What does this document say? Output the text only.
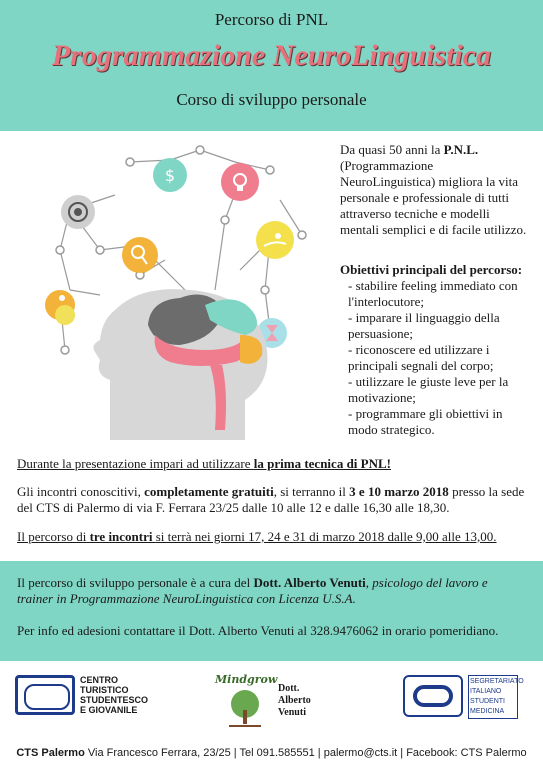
Percorso di PNL
Programmazione NeuroLinguistica
Corso di sviluppo personale
$
Da quasi 50 anni la P.N.L. (Programmazione NeuroLinguistica) migliora la vita personale e professionale di tutti attraverso tecniche e modelli mentali semplici e di facile utilizzo.
Obiettivi principali del percorso:
- stabilire feeling immediato con l'interlocutore;
- imparare il linguaggio della persuasione;
- riconoscere ed utilizzare i principali segnali del corpo;
- utilizzare le giuste leve per la motivazione;
- programmare gli obiettivi in modo strategico.
Durante la presentazione impari ad utilizzare la prima tecnica di PNL!
Gli incontri conoscitivi, completamente gratuiti, si terranno il 3 e 10 marzo 2018 presso la sede del CTS di Palermo di via F. Ferrara 23/25 dalle 10 alle 12 e dalle 16,30 alle 18,30.
Il percorso di tre incontri si terrà nei giorni 17, 24 e 31 di marzo 2018 dalle 9,00 alle 13,00.
Il percorso di sviluppo personale è a cura del Dott. Alberto Venuti, psicologo del lavoro e trainer in Programmazione NeuroLinguistica con Licenza U.S.A.
Per info ed adesioni contattare il Dott. Alberto Venuti al 328.9476062 in orario pomeridiano.
CENTRO
TURISTICO
STUDENTESCO
E GIOVANILE
Mindgrow
Dott.
Alberto
Venuti
SEGRETARIATO
ITALIANO
STUDENTI
MEDICINA
CTS Palermo Via Francesco Ferrara, 23/25 | Tel 091.585551 | palermo@cts.it | Facebook: CTS Palermo
